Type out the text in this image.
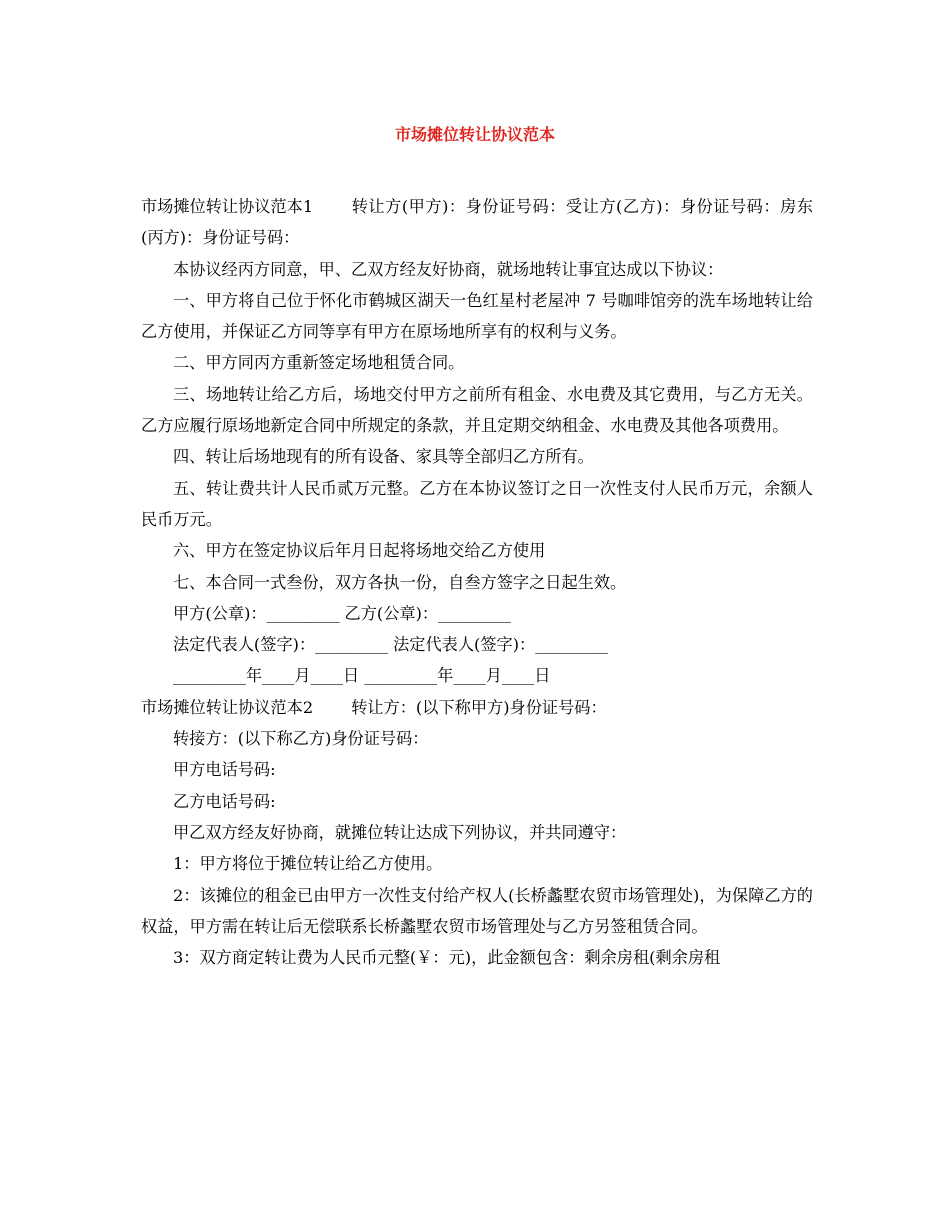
市场摊位转让协议范本

市场摊位转让协议范本1 转让方(甲方)：身份证号码：受让方(乙方)：身份证号码：房东(丙方)：身份证号码：

本协议经丙方同意，甲、乙双方经友好协商，就场地转让事宜达成以下协议：

一、甲方将自己位于怀化市鹤城区湖天一色红星村老屋冲 7 号咖啡馆旁的洗车场地转让给乙方使用，并保证乙方同等享有甲方在原场地所享有的权利与义务。

二、甲方同丙方重新签定场地租赁合同。

三、场地转让给乙方后，场地交付甲方之前所有租金、水电费及其它费用，与乙方无关。乙方应履行原场地新定合同中所规定的条款，并且定期交纳租金、水电费及其他各项费用。

四、转让后场地现有的所有设备、家具等全部归乙方所有。

五、转让费共计人民币贰万元整。乙方在本协议签订之日一次性支付人民币万元，余额人民币万元。

六、甲方在签定协议后年月日起将场地交给乙方使用

七、本合同一式叁份，双方各执一份，自叁方签字之日起生效。

甲方(公章)：_________ 乙方(公章)：_________

法定代表人(签字)：_________ 法定代表人(签字)：_________

_________年____月____日 _________年____月____日

市场摊位转让协议范本2 转让方：(以下称甲方)身份证号码：

转接方：(以下称乙方)身份证号码：

甲方电话号码:

乙方电话号码:

甲乙双方经友好协商，就摊位转让达成下列协议，并共同遵守：

1：甲方将位于摊位转让给乙方使用。

2：该摊位的租金已由甲方一次性支付给产权人(长桥蠡墅农贸市场管理处)，为保障乙方的权益，甲方需在转让后无偿联系长桥蠡墅农贸市场管理处与乙方另签租赁合同。

3：双方商定转让费为人民币元整(￥：元)，此金额包含：剩余房租(剩余房租
